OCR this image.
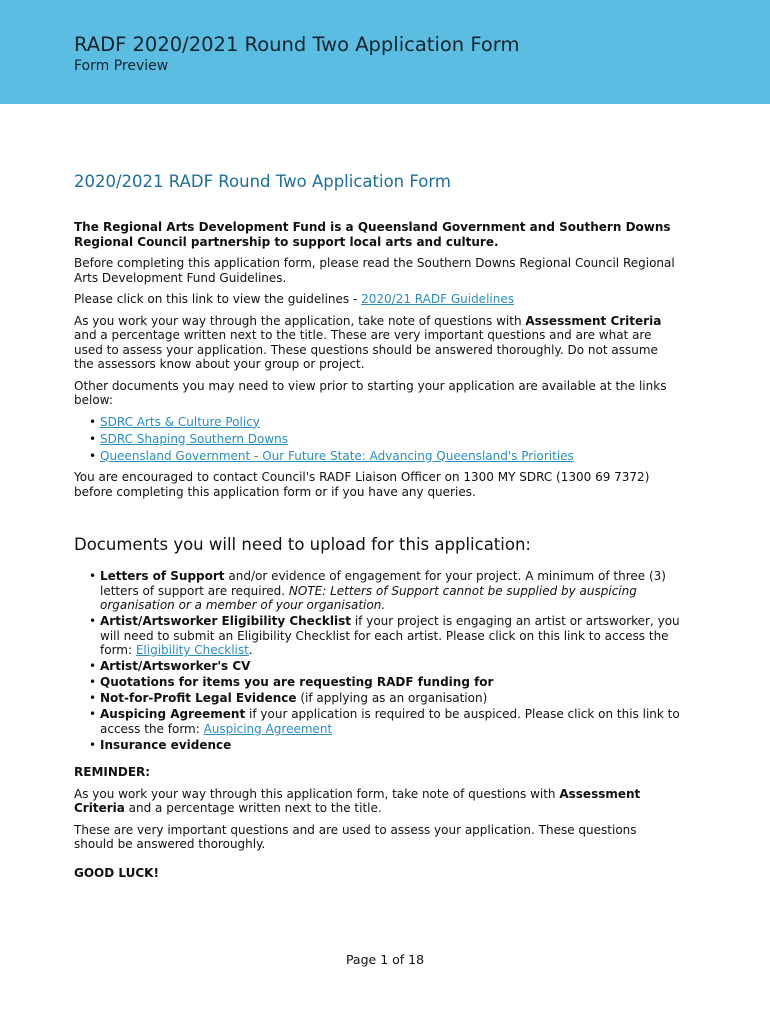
RADF 2020/2021 Round Two Application Form
Form Preview
2020/2021 RADF Round Two Application Form

The Regional Arts Development Fund is a Queensland Government and Southern Downs Regional Council partnership to support local arts and culture.

Before completing this application form, please read the Southern Downs Regional Council Regional Arts Development Fund Guidelines.

Please click on this link to view the guidelines - 2020/21 RADF Guidelines

As you work your way through the application, take note of questions with Assessment Criteria and a percentage written next to the title. These are very important questions and are what are used to assess your application. These questions should be answered thoroughly. Do not assume the assessors know about your group or project.

Other documents you may need to view prior to starting your application are available at the links below:

• SDRC Arts & Culture Policy
• SDRC Shaping Southern Downs
• Queensland Government - Our Future State: Advancing Queensland's Priorities

You are encouraged to contact Council's RADF Liaison Officer on 1300 MY SDRC (1300 69 7372) before completing this application form or if you have any queries.

Documents you will need to upload for this application:
• Letters of Support and/or evidence of engagement for your project. A minimum of three (3) letters of support are required. NOTE: Letters of Support cannot be supplied by auspicing organisation or a member of your organisation.
• Artist/Artsworker Eligibility Checklist if your project is engaging an artist or artsworker, you will need to submit an Eligibility Checklist for each artist. Please click on this link to access the form: Eligibility Checklist.
• Artist/Artsworker's CV
• Quotations for items you are requesting RADF funding for
• Not-for-Profit Legal Evidence (if applying as an organisation)
• Auspicing Agreement if your application is required to be auspiced. Please click on this link to access the form: Auspicing Agreement
• Insurance evidence

REMINDER:

As you work your way through this application form, take note of questions with Assessment Criteria and a percentage written next to the title.

These are very important questions and are used to assess your application. These questions should be answered thoroughly.

GOOD LUCK!

Page 1 of 18
